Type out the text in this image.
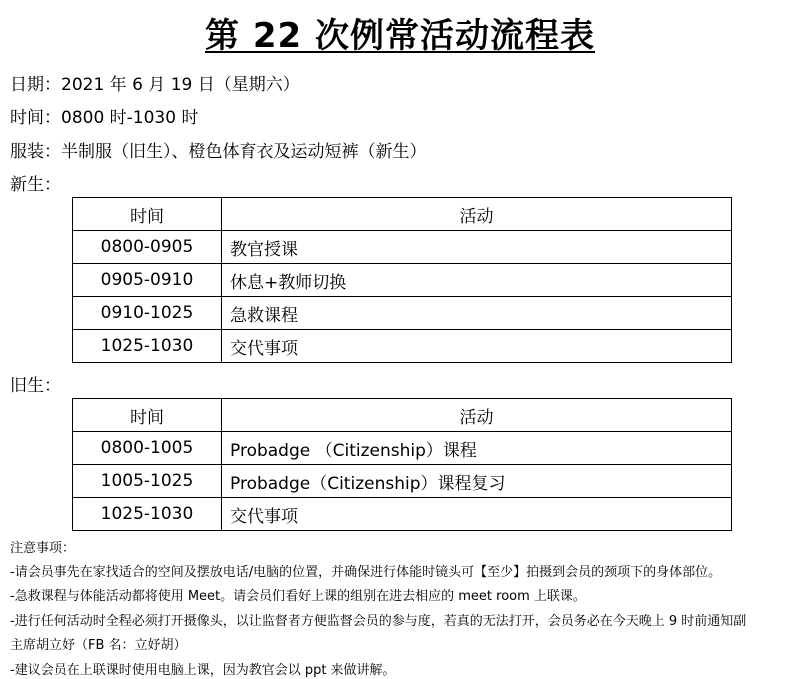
第 22 次例常活动流程表
日期：2021 年 6 月 19 日（星期六）
时间：0800 时-1030 时
服装：半制服（旧生）、橙色体育衣及运动短裤（新生）
新生：
时间	活动
0800-0905	教官授课
0905-0910	休息+教师切换
0910-1025	急救课程
1025-1030	交代事项
旧生：
时间	活动
0800-1005	Probadge （Citizenship）课程
1005-1025	Probadge（Citizenship）课程复习
1025-1030	交代事项
注意事项：
-请会员事先在家找适合的空间及摆放电话/电脑的位置，并确保进行体能时镜头可【至少】拍摄到会员的颈项下的身体部位。
-急救课程与体能活动都将使用 Meet。请会员们看好上课的组别在进去相应的 meet room 上联课。
-进行任何活动时全程必须打开摄像头，以让监督者方便监督会员的参与度，若真的无法打开，会员务必在今天晚上 9 时前通知副
主席胡立妤（FB 名：立妤胡）
-建议会员在上联课时使用电脑上课，因为教官会以 ppt 来做讲解。
